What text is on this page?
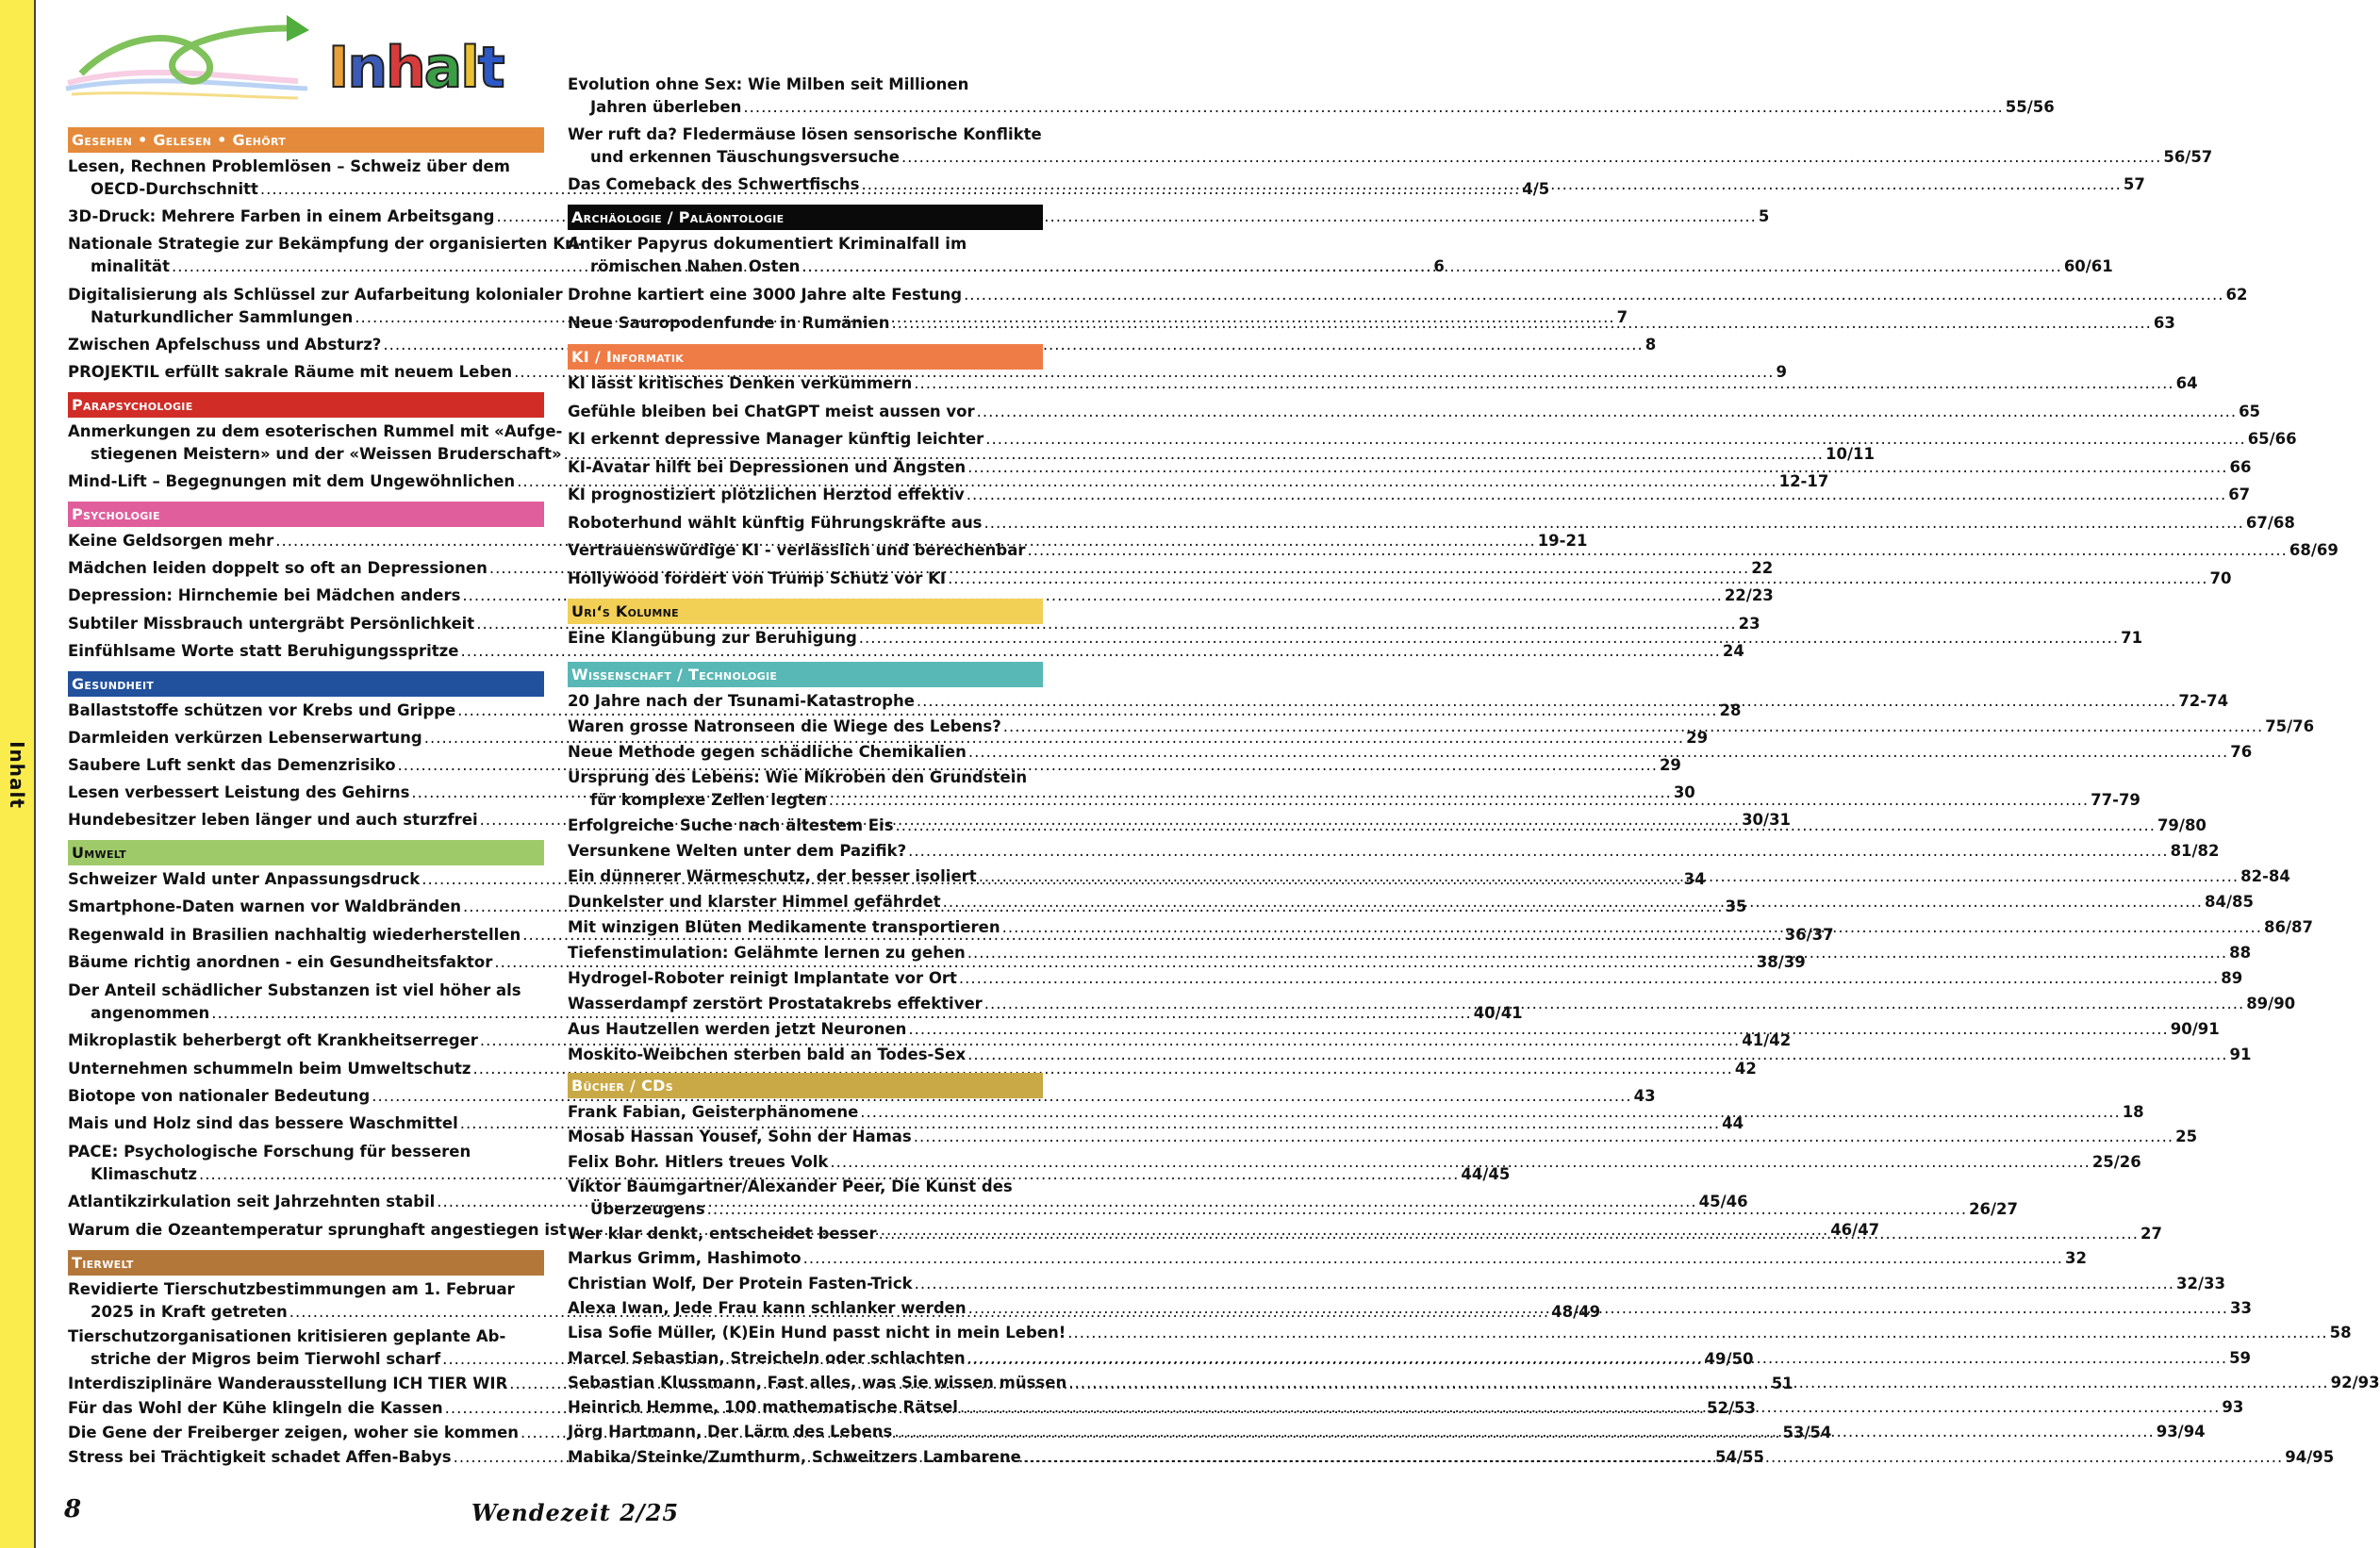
Inhalt
I n h a l t
Gesehen • Gelesen • Gehört
Lesen, Rechnen Problemlösen – Schweiz über dem
OECD-Durchschnitt .....	4/5
3D-Druck: Mehrere Farben in einem Arbeitsgang .....	5
Nationale Strategie zur Bekämpfung der organisierten Kri-
minalität .....	6
Digitalisierung als Schlüssel zur Aufarbeitung kolonialer
Naturkundlicher Sammlungen .....	7
Zwischen Apfelschuss und Absturz? .....	8
PROJEKTIL erfüllt sakrale Räume mit neuem Leben .....	9
Parapsychologie
Anmerkungen zu dem esoterischen Rummel mit «Aufge-
stiegenen Meistern» und der «Weissen Bruderschaft» .....	10/11
Mind-Lift – Begegnungen mit dem Ungewöhnlichen .....	12-17
Psychologie
Keine Geldsorgen mehr .....	19-21
Mädchen leiden doppelt so oft an Depressionen .....	22
Depression: Hirnchemie bei Mädchen anders .....	22/23
Subtiler Missbrauch untergräbt Persönlichkeit .....	23
Einfühlsame Worte statt Beruhigungsspritze .....	24
Gesundheit
Ballaststoffe schützen vor Krebs und Grippe .....	28
Darmleiden verkürzen Lebenserwartung .....	29
Saubere Luft senkt das Demenzrisiko .....	29
Lesen verbessert Leistung des Gehirns .....	30
Hundebesitzer leben länger und auch sturzfrei .....	30/31
Umwelt
Schweizer Wald unter Anpassungsdruck .....	34
Smartphone-Daten warnen vor Waldbränden .....	35
Regenwald in Brasilien nachhaltig wiederherstellen .....	36/37
Bäume richtig anordnen - ein Gesundheitsfaktor .....	38/39
Der Anteil schädlicher Substanzen ist viel höher als
angenommen .....	40/41
Mikroplastik beherbergt oft Krankheitserreger .....	41/42
Unternehmen schummeln beim Umweltschutz .....	42
Biotope von nationaler Bedeutung .....	43
Mais und Holz sind das bessere Waschmittel .....	44
PACE: Psychologische Forschung für besseren
Klimaschutz .....	44/45
Atlantikzirkulation seit Jahrzehnten stabil .....	45/46
Warum die Ozeantemperatur sprunghaft angestiegen ist .....	46/47
Tierwelt
Revidierte Tierschutzbestimmungen am 1. Februar
2025 in Kraft getreten .....	48/49
Tierschutzorganisationen kritisieren geplante Ab-
striche der Migros beim Tierwohl scharf .....	49/50
Interdisziplinäre Wanderausstellung ICH TIER WIR .....	51
Für das Wohl der Kühe klingeln die Kassen .....	52/53
Die Gene der Freiberger zeigen, woher sie kommen .....	53/54
Stress bei Trächtigkeit schadet Affen-Babys .....	54/55
Evolution ohne Sex: Wie Milben seit Millionen
Jahren überleben .....	55/56
Wer ruft da? Fledermäuse lösen sensorische Konflikte
und erkennen Täuschungsversuche .....	56/57
Das Comeback des Schwertfischs .....	57
Archäologie / Paläontologie
Antiker Papyrus dokumentiert Kriminalfall im
römischen Nahen Osten .....	60/61
Drohne kartiert eine 3000 Jahre alte Festung .....	62
Neue Sauropodenfunde in Rumänien .....	63
KI / Informatik
KI lässt kritisches Denken verkümmern .....	64
Gefühle bleiben bei ChatGPT meist aussen vor .....	65
KI erkennt depressive Manager künftig leichter .....	65/66
KI-Avatar hilft bei Depressionen und Ängsten .....	66
KI prognostiziert plötzlichen Herztod effektiv .....	67
Roboterhund wählt künftig Führungskräfte aus .....	67/68
Vertrauenswürdige KI - verlässlich und berechenbar .....	68/69
Hollywood fordert von Trump Schutz vor KI .....	70
Uri‘s Kolumne
Eine Klangübung zur Beruhigung .....	71
Wissenschaft / Technologie
20 Jahre nach der Tsunami-Katastrophe .....	72-74
Waren grosse Natronseen die Wiege des Lebens? .....	75/76
Neue Methode gegen schädliche Chemikalien .....	76
Ursprung des Lebens: Wie Mikroben den Grundstein
für komplexe Zellen legten .....	77-79
Erfolgreiche Suche nach ältestem Eis .....	79/80
Versunkene Welten unter dem Pazifik? .....	81/82
Ein dünnerer Wärmeschutz, der besser isoliert .....	82-84
Dunkelster und klarster Himmel gefährdet .....	84/85
Mit winzigen Blüten Medikamente transportieren .....	86/87
Tiefenstimulation: Gelähmte lernen zu gehen .....	88
Hydrogel-Roboter reinigt Implantate vor Ort .....	89
Wasserdampf zerstört Prostatakrebs effektiver .....	89/90
Aus Hautzellen werden jetzt Neuronen .....	90/91
Moskito-Weibchen sterben bald an Todes-Sex .....	91
Bücher / CDs
Frank Fabian, Geisterphänomene .....	18
Mosab Hassan Yousef, Sohn der Hamas .....	25
Felix Bohr. Hitlers treues Volk .....	25/26
Viktor Baumgartner/Alexander Peer, Die Kunst des
Überzeugens .....	26/27
Wer klar denkt, entscheidet besser .....	27
Markus Grimm, Hashimoto .....	32
Christian Wolf, Der Protein Fasten-Trick .....	32/33
Alexa Iwan, Jede Frau kann schlanker werden .....	33
Lisa Sofie Müller, (K)Ein Hund passt nicht in mein Leben! .....	58
Marcel Sebastian, Streicheln oder schlachten .....	59
Sebastian Klussmann, Fast alles, was Sie wissen müssen .....	92/93
Heinrich Hemme, 100 mathematische Rätsel .....	93
Jörg Hartmann, Der Lärm des Lebens .....	93/94
Mabika/Steinke/Zumthurm, Schweitzers Lambarene .....	94/95
8	Wendezeit 2/25
